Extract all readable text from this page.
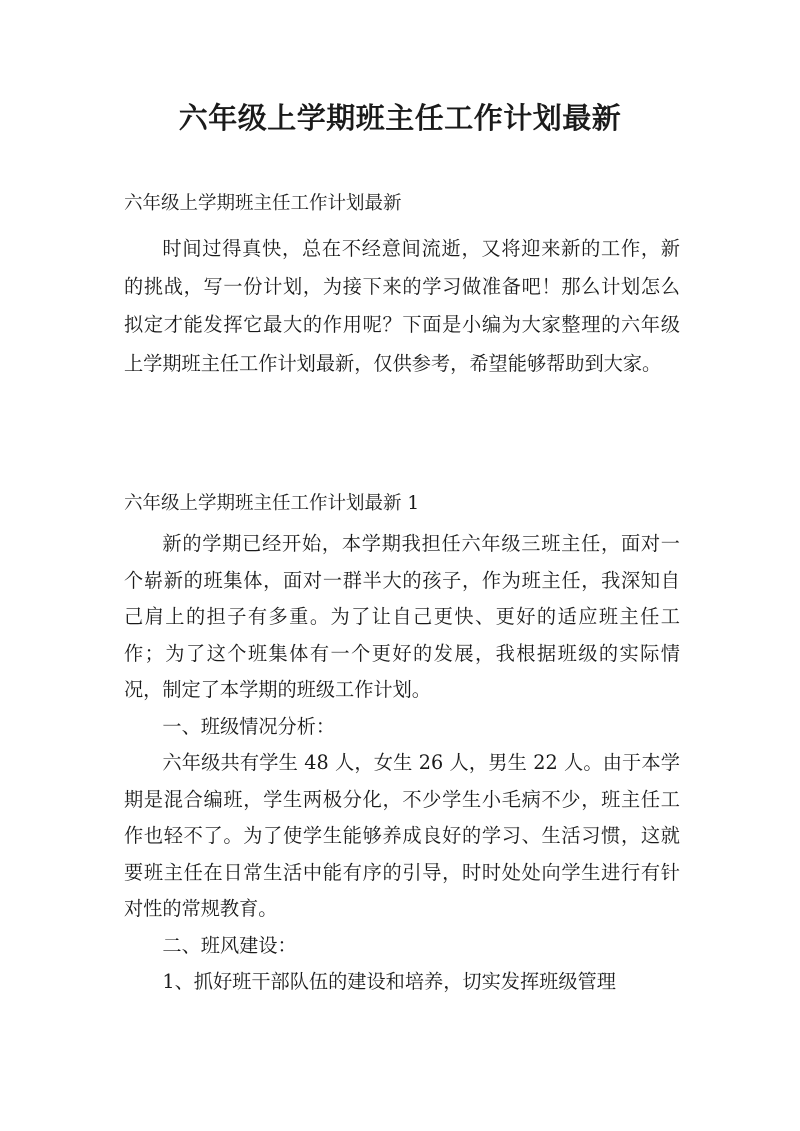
六年级上学期班主任工作计划最新
六年级上学期班主任工作计划最新

时间过得真快，总在不经意间流逝，又将迎来新的工作，新的挑战，写一份计划，为接下来的学习做准备吧！那么计划怎么拟定才能发挥它最大的作用呢？下面是小编为大家整理的六年级上学期班主任工作计划最新，仅供参考，希望能够帮助到大家。

六年级上学期班主任工作计划最新 1

新的学期已经开始，本学期我担任六年级三班主任，面对一个崭新的班集体，面对一群半大的孩子，作为班主任，我深知自己肩上的担子有多重。为了让自己更快、更好的适应班主任工作；为了这个班集体有一个更好的发展，我根据班级的实际情况，制定了本学期的班级工作计划。

一、班级情况分析：

六年级共有学生 48 人，女生 26 人，男生 22 人。由于本学期是混合编班，学生两极分化，不少学生小毛病不少，班主任工作也轻不了。为了使学生能够养成良好的学习、生活习惯，这就要班主任在日常生活中能有序的引导，时时处处向学生进行有针对性的常规教育。

二、班风建设：

1、抓好班干部队伍的建设和培养，切实发挥班级管理
